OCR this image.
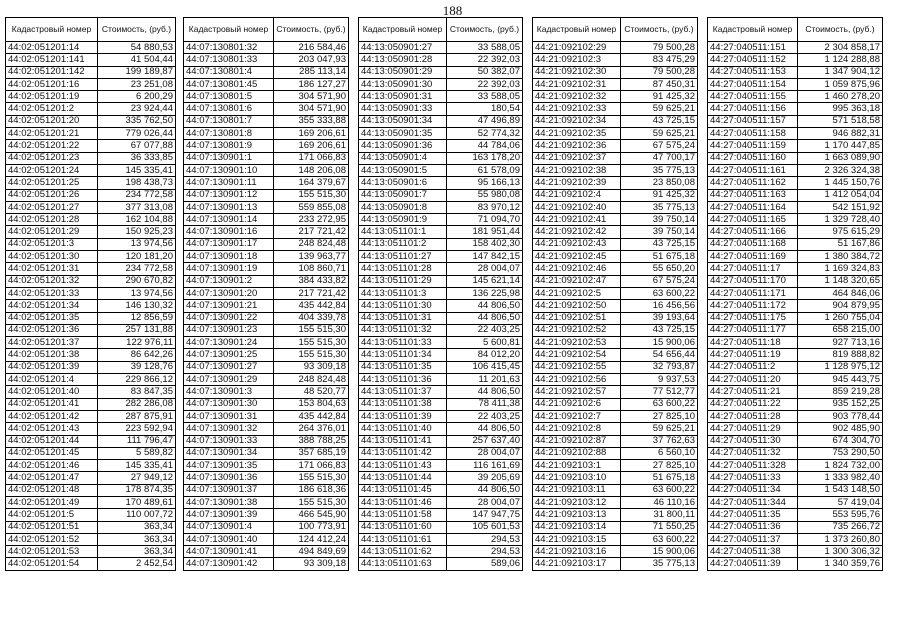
188
Кадастровый номер	Стоимость, (руб.)
44:02:051201:14	54 880,53
44:02:051201:141	41 504,44
44:02:051201:142	199 189,87
44:02:051201:16	23 251,08
44:02:051201:19	6 200,29
44:02:051201:2	23 924,44
44:02:051201:20	335 762,50
44:02:051201:21	779 026,44
44:02:051201:22	67 077,88
44:02:051201:23	36 333,85
44:02:051201:24	145 335,41
44:02:051201:25	198 438,73
44:02:051201:26	234 772,58
44:02:051201:27	377 313,08
44:02:051201:28	162 104,88
44:02:051201:29	150 925,23
44:02:051201:3	13 974,56
44:02:051201:30	120 181,20
44:02:051201:31	234 772,58
44:02:051201:32	290 670,82
44:02:051201:33	13 974,56
44:02:051201:34	146 130,32
44:02:051201:35	12 856,59
44:02:051201:36	257 131,88
44:02:051201:37	122 976,11
44:02:051201:38	86 642,26
44:02:051201:39	39 128,76
44:02:051201:4	229 866,12
44:02:051201:40	83 847,35
44:02:051201:41	282 286,08
44:02:051201:42	287 875,91
44:02:051201:43	223 592,94
44:02:051201:44	111 796,47
44:02:051201:45	5 589,82
44:02:051201:46	145 335,41
44:02:051201:47	27 949,12
44:02:051201:48	178 874,35
44:02:051201:49	170 489,61
44:02:051201:5	110 007,72
44:02:051201:51	363,34
44:02:051201:52	363,34
44:02:051201:53	363,34
44:02:051201:54	2 452,54
Кадастровый номер	Стоимость, (руб.)
44:07:130801:32	216 584,46
44:07:130801:33	203 047,93
44:07:130801:4	285 113,14
44:07:130801:45	186 127,27
44:07:130801:5	304 571,90
44:07:130801:6	304 571,90
44:07:130801:7	355 333,88
44:07:130801:8	169 206,61
44:07:130801:9	169 206,61
44:07:130901:1	171 066,83
44:07:130901:10	148 206,08
44:07:130901:11	164 379,67
44:07:130901:12	155 515,30
44:07:130901:13	559 855,08
44:07:130901:14	233 272,95
44:07:130901:16	217 721,42
44:07:130901:17	248 824,48
44:07:130901:18	139 963,77
44:07:130901:19	108 860,71
44:07:130901:2	384 433,82
44:07:130901:20	217 721,42
44:07:130901:21	435 442,84
44:07:130901:22	404 339,78
44:07:130901:23	155 515,30
44:07:130901:24	155 515,30
44:07:130901:25	155 515,30
44:07:130901:27	93 309,18
44:07:130901:29	248 824,48
44:07:130901:3	48 520,77
44:07:130901:30	153 804,63
44:07:130901:31	435 442,84
44:07:130901:32	264 376,01
44:07:130901:33	388 788,25
44:07:130901:34	357 685,19
44:07:130901:35	171 066,83
44:07:130901:36	155 515,30
44:07:130901:37	186 618,36
44:07:130901:38	155 515,30
44:07:130901:39	466 545,90
44:07:130901:4	100 773,91
44:07:130901:40	124 412,24
44:07:130901:41	494 849,69
44:07:130901:42	93 309,18
Кадастровый номер	Стоимость, (руб.)
44:13:050901:27	33 588,05
44:13:050901:28	22 392,03
44:13:050901:29	50 382,07
44:13:050901:30	22 392,03
44:13:050901:31	33 588,05
44:13:050901:33	180,54
44:13:050901:34	47 496,89
44:13:050901:35	52 774,32
44:13:050901:36	44 784,06
44:13:050901:4	163 178,20
44:13:050901:5	61 578,09
44:13:050901:6	95 166,13
44:13:050901:7	55 980,08
44:13:050901:8	83 970,12
44:13:050901:9	71 094,70
44:13:051101:1	181 951,44
44:13:051101:2	158 402,30
44:13:051101:27	147 842,15
44:13:051101:28	28 004,07
44:13:051101:29	145 621,14
44:13:051101:3	136 225,98
44:13:051101:30	44 806,50
44:13:051101:31	44 806,50
44:13:051101:32	22 403,25
44:13:051101:33	5 600,81
44:13:051101:34	84 012,20
44:13:051101:35	106 415,45
44:13:051101:36	11 201,63
44:13:051101:37	44 806,50
44:13:051101:38	78 411,38
44:13:051101:39	22 403,25
44:13:051101:40	44 806,50
44:13:051101:41	257 637,40
44:13:051101:42	28 004,07
44:13:051101:43	116 161,69
44:13:051101:44	39 205,69
44:13:051101:45	44 806,50
44:13:051101:46	28 004,07
44:13:051101:58	147 947,75
44:13:051101:60	105 601,53
44:13:051101:61	294,53
44:13:051101:62	294,53
44:13:051101:63	589,06
Кадастровый номер	Стоимость, (руб.)
44:21:092102:29	79 500,28
44:21:092102:3	83 475,29
44:21:092102:30	79 500,28
44:21:092102:31	87 450,31
44:21:092102:32	91 425,32
44:21:092102:33	59 625,21
44:21:092102:34	43 725,15
44:21:092102:35	59 625,21
44:21:092102:36	67 575,24
44:21:092102:37	47 700,17
44:21:092102:38	35 775,13
44:21:092102:39	23 850,08
44:21:092102:4	91 425,32
44:21:092102:40	35 775,13
44:21:092102:41	39 750,14
44:21:092102:42	39 750,14
44:21:092102:43	43 725,15
44:21:092102:45	51 675,18
44:21:092102:46	55 650,20
44:21:092102:47	67 575,24
44:21:092102:5	63 600,22
44:21:092102:50	16 456,56
44:21:092102:51	39 193,64
44:21:092102:52	43 725,15
44:21:092102:53	15 900,06
44:21:092102:54	54 656,44
44:21:092102:55	32 793,87
44:21:092102:56	9 937,53
44:21:092102:57	77 512,77
44:21:092102:6	63 600,22
44:21:092102:7	27 825,10
44:21:092102:8	59 625,21
44:21:092102:87	37 762,63
44:21:092102:88	6 560,10
44:21:092103:1	27 825,10
44:21:092103:10	51 675,18
44:21:092103:11	63 600,22
44:21:092103:12	46 110,16
44:21:092103:13	31 800,11
44:21:092103:14	71 550,25
44:21:092103:15	63 600,22
44:21:092103:16	15 900,06
44:21:092103:17	35 775,13
Кадастровый номер	Стоимость, (руб.)
44:27:040511:151	2 304 858,17
44:27:040511:152	1 124 288,88
44:27:040511:153	1 347 904,12
44:27:040511:154	1 059 875,96
44:27:040511:155	1 460 278,20
44:27:040511:156	995 363,18
44:27:040511:157	571 518,58
44:27:040511:158	946 882,31
44:27:040511:159	1 170 447,85
44:27:040511:160	1 663 089,90
44:27:040511:161	2 326 324,38
44:27:040511:162	1 445 150,76
44:27:040511:163	1 412 054,04
44:27:040511:164	542 151,92
44:27:040511:165	1 329 728,40
44:27:040511:166	975 615,29
44:27:040511:168	51 167,86
44:27:040511:169	1 380 384,72
44:27:040511:17	1 169 324,83
44:27:040511:170	1 148 320,65
44:27:040511:171	464 846,06
44:27:040511:172	904 879,95
44:27:040511:175	1 260 755,04
44:27:040511:177	658 215,00
44:27:040511:18	927 713,16
44:27:040511:19	819 888,82
44:27:040511:2	1 128 975,12
44:27:040511:20	945 443,75
44:27:040511:21	859 219,28
44:27:040511:22	935 152,25
44:27:040511:28	903 778,44
44:27:040511:29	902 485,90
44:27:040511:30	674 304,70
44:27:040511:32	753 290,50
44:27:040511:328	1 824 732,00
44:27:040511:33	1 333 982,40
44:27:040511:34	1 543 148,50
44:27:040511:344	57 419,04
44:27:040511:35	553 595,76
44:27:040511:36	735 266,72
44:27:040511:37	1 373 260,80
44:27:040511:38	1 300 306,32
44:27:040511:39	1 340 359,76
